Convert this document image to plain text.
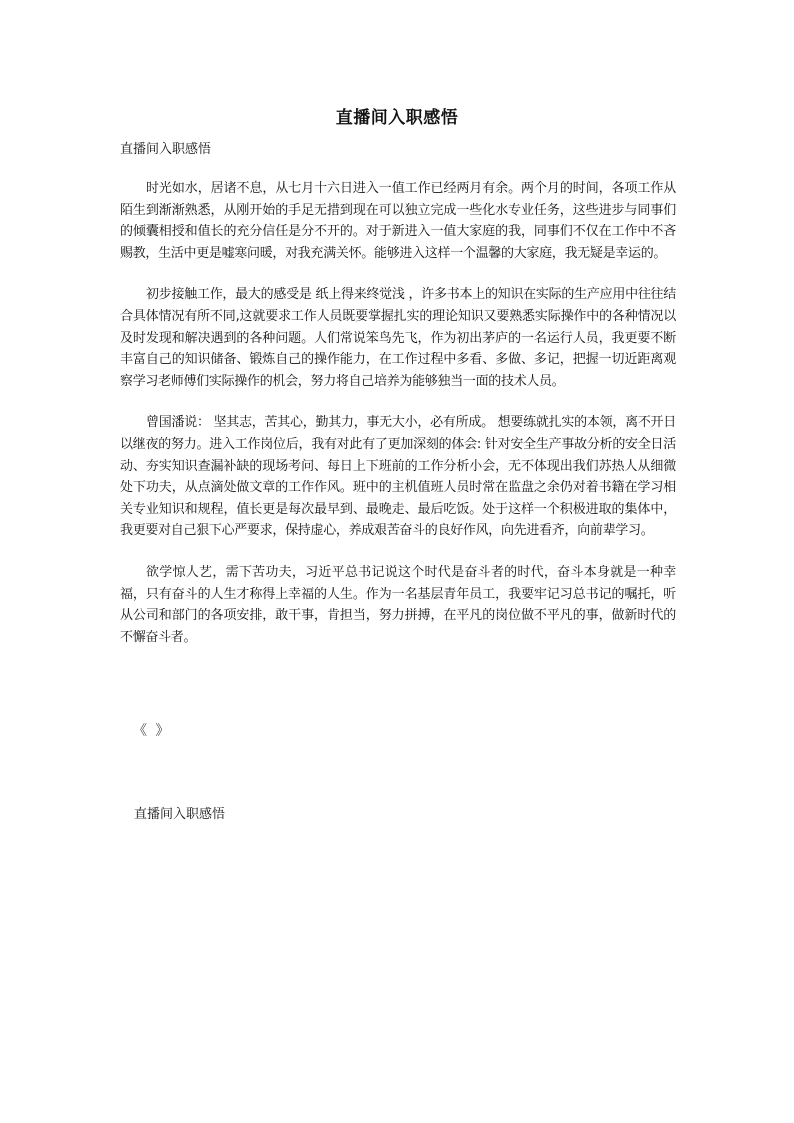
直播间入职感悟
直播间入职感悟

时光如水，居诸不息，从七月十六日进入一值工作已经两月有余。两个月的时间，各项工作从陌生到渐渐熟悉，从刚开始的手足无措到现在可以独立完成一些化水专业任务，这些进步与同事们的倾囊相授和值长的充分信任是分不开的。对于新进入一值大家庭的我，同事们不仅在工作中不吝赐教，生活中更是嘘寒问暖，对我充满关怀。能够进入这样一个温馨的大家庭，我无疑是幸运的。

初步接触工作，最大的感受是 纸上得来终觉浅 ，许多书本上的知识在实际的生产应用中往往结合具体情况有所不同,这就要求工作人员既要掌握扎实的理论知识又要熟悉实际操作中的各种情况以及时发现和解决遇到的各种问题。人们常说笨鸟先飞，作为初出茅庐的一名运行人员，我更要不断丰富自己的知识储备、锻炼自己的操作能力，在工作过程中多看、多做、多记，把握一切近距离观察学习老师傅们实际操作的机会，努力将自己培养为能够独当一面的技术人员。

曾国潘说： 坚其志，苦其心，勤其力，事无大小，必有所成。 想要练就扎实的本领，离不开日以继夜的努力。进入工作岗位后，我有对此有了更加深刻的体会: 针对安全生产事故分析的安全日活动、夯实知识查漏补缺的现场考问、每日上下班前的工作分析小会，无不体现出我们苏热人从细微处下功夫，从点滴处做文章的工作作风。班中的主机值班人员时常在监盘之余仍对着书籍在学习相关专业知识和规程，值长更是每次最早到、最晚走、最后吃饭。处于这样一个积极进取的集体中，我更要对自己狠下心严要求，保持虚心，养成艰苦奋斗的良好作风，向先进看齐，向前辈学习。

欲学惊人艺，需下苦功夫，习近平总书记说这个时代是奋斗者的时代，奋斗本身就是一种幸福，只有奋斗的人生才称得上幸福的人生。作为一名基层青年员工，我要牢记习总书记的嘱托，听从公司和部门的各项安排，敢干事，肯担当，努力拼搏，在平凡的岗位做不平凡的事，做新时代的不懈奋斗者。

《 》
直播间入职感悟
